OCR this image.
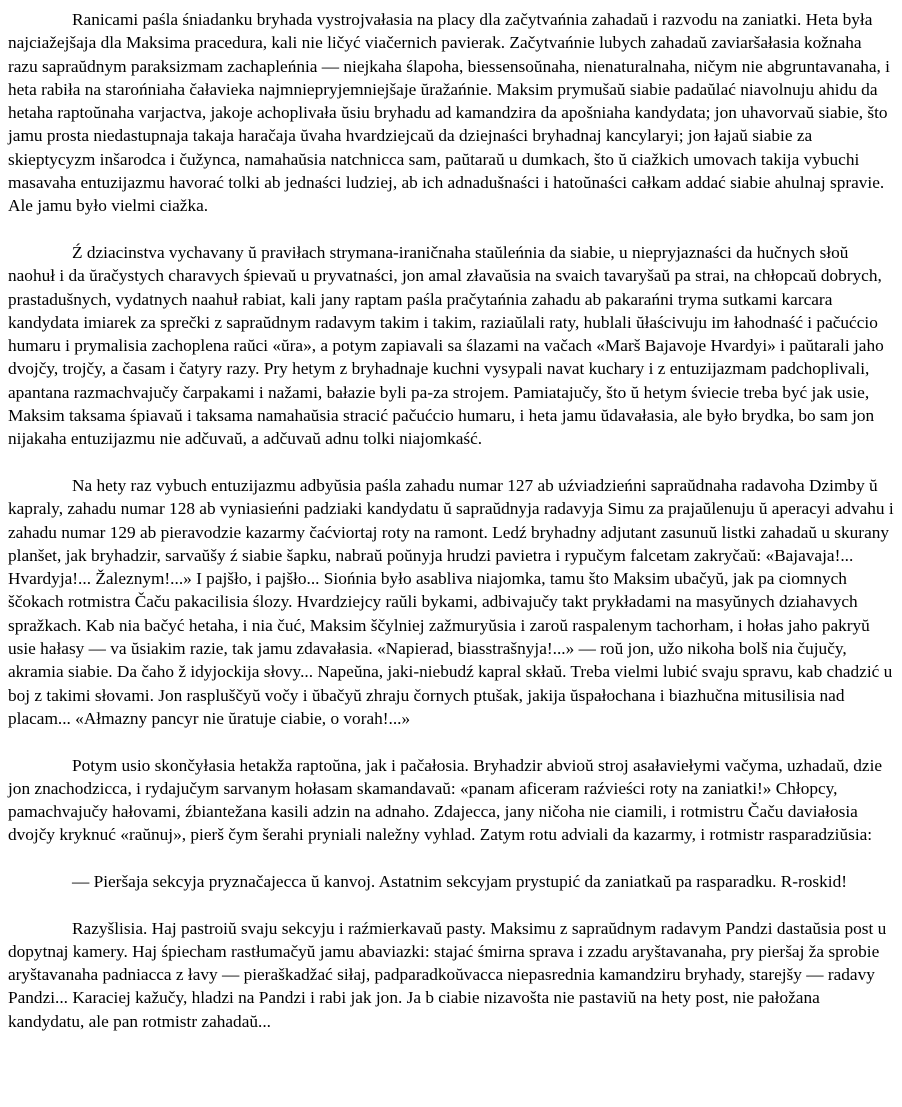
Ranicami paśla śniadanku bryhada vystrojvałasia na placy dla začytvańnia zahadaŭ i razvodu na zaniatki. Heta była najciažejšaja dla Maksima pracedura, kali nie ličyć viačernich pavierak. Začytvańnie lubych zahadaŭ zaviaršałasia kožnaha razu sapraŭdnym paraksizmam zachapleńnia — niejkaha ślapoha, biessensoŭnaha, nienaturalnaha, ničym nie abgruntavanaha, i heta rabiła na starońniaha čałavieka najmniepryjemniejšaje ŭražańnie. Maksim prymušaŭ siabie padaŭlać niavolnuju ahidu da hetaha raptoŭnaha varjactva, jakoje achoplivała ŭsiu bryhadu ad kamandzira da apošniaha kandydata; jon uhavorvaŭ siabie, što jamu prosta niedastupnaja takaja haračaja ŭvaha hvardziejcaŭ da dziejnaści bryhadnaj kancylaryi; jon łajaŭ siabie za skieptycyzm inšarodca i čužynca, namahaŭsia natchnicca sam, paŭtaraŭ u dumkach, što ŭ ciažkich umovach takija vybuchi masavaha entuzijazmu havorać tolki ab jednaści ludziej, ab ich adnadušnaści i hatoŭnaści całkam addać siabie ahulnaj spravie. Ale jamu było vielmi ciažka.

Ź dziacinstva vychavany ŭ praviłach strymana-iraničnaha staŭleńnia da siabie, u niepryjaznaści da hučnych słoŭ naohuł i da ŭračystych charavych śpievaŭ u pryvatnaści, jon amal złavaŭsia na svaich tavaryšaŭ pa strai, na chłopcaŭ dobrych, prastadušnych, vydatnych naahuł rabiat, kali jany raptam paśla pračytańnia zahadu ab pakarańni tryma sutkami karcara kandydata imiarek za sprečki z sapraŭdnym radavym takim i takim, raziaŭlali raty, hublali ŭłaścivuju im łahodnaść i pačućcio humaru i prymalisia zachoplena raŭci «ŭra», a potym zapiavali sa ślazami na vačach «Marš Bajavoje Hvardyi» i paŭtarali jaho dvojčy, trojčy, a časam i čatyry razy. Pry hetym z bryhadnaje kuchni vysypali navat kuchary i z entuzijazmam padchoplivali, apantana razmachvajučy čarpakami i nažami, bałazie byli pa-za strojem. Pamiatajučy, što ŭ hetym śviecie treba być jak usie, Maksim taksama śpiavaŭ i taksama namahaŭsia stracić pačućcio humaru, i heta jamu ŭdavałasia, ale było brydka, bo sam jon nijakaha entuzijazmu nie adčuvaŭ, a adčuvaŭ adnu tolki niajomkaść.

Na hety raz vybuch entuzijazmu adbyŭsia paśla zahadu numar 127 ab uźviadzieńni sapraŭdnaha radavoha Dzimby ŭ kapraly, zahadu numar 128 ab vyniasieńni padziaki kandydatu ŭ sapraŭdnyja radavyja Simu za prajaŭlenuju ŭ aperacyi advahu i zahadu numar 129 ab pieravodzie kazarmy čaćviortaj roty na ramont. Ledź bryhadny adjutant zasunuŭ listki zahadaŭ u skurany planšet, jak bryhadzir, sarvaŭšy ź siabie šapku, nabraŭ poŭnyja hrudzi pavietra i rypučym falcetam zakryčaŭ: «Bajavaja!... Hvardyja!... Žaleznym!...» I pajšło, i pajšło... Siońnia było asabliva niajomka, tamu što Maksim ubačyŭ, jak pa ciomnych ščokach rotmistra Čaču pakacilisia ślozy. Hvardziejcy raŭli bykami, adbivajučy takt prykładami na masyŭnych dziahavych spražkach. Kab nia bačyć hetaha, i nia čuć, Maksim ščylniej zažmuryŭsia i zaroŭ raspalenym tachorham, i hołas jaho pakryŭ usie hałasy — va ŭsiakim razie, tak jamu zdavałasia. «Napierad, biasstrašnyja!...» — roŭ jon, užo nikoha bolš nia čujučy, akramia siabie. Da čaho ž idyjockija słovy... Napeŭna, jaki-niebudź kapral skłaŭ. Treba vielmi lubić svaju spravu, kab chadzić u boj z takimi słovami. Jon raspluščyŭ vočy i ŭbačyŭ zhraju čornych ptušak, jakija ŭspałochana i biazhučna mitusilisia nad placam... «Ałmazny pancyr nie ŭratuje ciabie, o vorah!...»

Potym usio skončyłasia hetakža raptoŭna, jak i pačałosia. Bryhadzir abvioŭ stroj asałaviełymi vačyma, uzhadaŭ, dzie jon znachodzicca, i rydajučym sarvanym hołasam skamandavaŭ: «panam aficeram raźvieści roty na zaniatki!» Chłopcy, pamachvajučy hałovami, źbiantežana kasili adzin na adnaho. Zdajecca, jany ničoha nie ciamili, i rotmistru Čaču daviałosia dvojčy kryknuć «raŭnuj», pierš čym šerahi pryniali naležny vyhlad. Zatym rotu adviali da kazarmy, i rotmistr rasparadziŭsia:

— Pieršaja sekcyja pryznačajecca ŭ kanvoj. Astatnim sekcyjam prystupić da zaniatkaŭ pa rasparadku. R-roskid!

Razyšlisia. Haj pastroiŭ svaju sekcyju i raźmierkavaŭ pasty. Maksimu z sapraŭdnym radavym Pandzi dastaŭsia post u dopytnaj kamery. Haj śpiecham rastłumačyŭ jamu abaviazki: stajać śmirna sprava i zzadu aryštavanaha, pry pieršaj ža sprobie aryštavanaha padniacca z łavy — pieraškadžać siłaj, padparadkoŭvacca niepasrednia kamandziru bryhady, starejšy — radavy Pandzi... Karaciej kažučy, hladzi na Pandzi i rabi jak jon. Ja b ciabie nizavošta nie pastaviŭ na hety post, nie pałožana kandydatu, ale pan rotmistr zahadaŭ...
